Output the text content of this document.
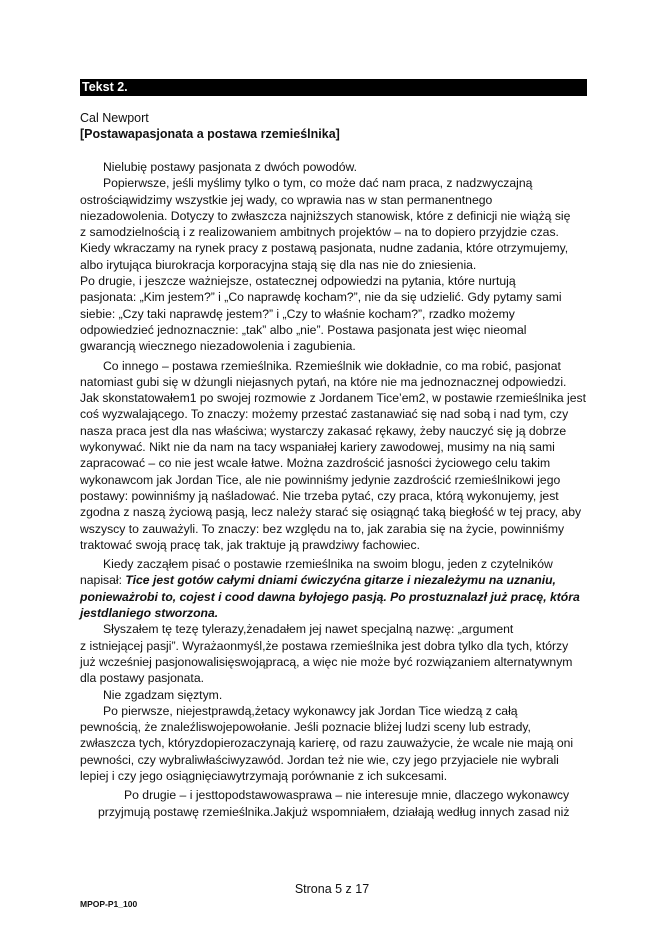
Tekst 2.
Cal Newport
[Postawapasjonata a postawa rzemieślnika]
Nielubię postawy pasjonata z dwóch powodów.
Popierwsze, jeśli myślimy tylko o tym, co może dać nam praca, z nadzwyczajną
ostrościąwidzimy wszystkie jej wady, co wprawia nas w stan permanentnego
niezadowolenia. Dotyczy to zwłaszcza najniższych stanowisk, które z definicji nie wiążą się
z samodzielnością i z realizowaniem ambitnych projektów – na to dopiero przyjdzie czas.
Kiedy wkraczamy na rynek pracy z postawą pasjonata, nudne zadania, które otrzymujemy,
albo irytująca biurokracja korporacyjna stają się dla nas nie do zniesienia.
Po drugie, i jeszcze ważniejsze, ostatecznej odpowiedzi na pytania, które nurtują
pasjonata: „Kim jestem?” i „Co naprawdę kocham?”, nie da się udzielić. Gdy pytamy sami
siebie: „Czy taki naprawdę jestem?” i „Czy to właśnie kocham?”, rzadko możemy
odpowiedzieć jednoznacznie: „tak” albo „nie”. Postawa pasjonata jest więc nieomal
gwarancją wiecznego niezadowolenia i zagubienia.
Co innego – postawa rzemieślnika. Rzemieślnik wie dokładnie, co ma robić, pasjonat
natomiast gubi się w dżungli niejasnych pytań, na które nie ma jednoznacznej odpowiedzi.
Jak skonstatowałem1 po swojej rozmowie z Jordanem Tice’em2, w postawie rzemieślnika jest
coś wyzwalającego. To znaczy: możemy przestać zastanawiać się nad sobą i nad tym, czy
nasza praca jest dla nas właściwa; wystarczy zakasać rękawy, żeby nauczyć się ją dobrze
wykonywać. Nikt nie da nam na tacy wspaniałej kariery zawodowej, musimy na nią sami
zapracować – co nie jest wcale łatwe. Można zazdrościć jasności życiowego celu takim
wykonawcom jak Jordan Tice, ale nie powinniśmy jedynie zazdrościć rzemieślnikowi jego
postawy: powinniśmy ją naśladować. Nie trzeba pytać, czy praca, którą wykonujemy, jest
zgodna z naszą życiową pasją, lecz należy starać się osiągnąć taką biegłość w tej pracy, aby
wszyscy to zauważyli. To znaczy: bez względu na to, jak zarabia się na życie, powinniśmy
traktować swoją pracę tak, jak traktuje ją prawdziwy fachowiec.
Kiedy zacząłem pisać o postawie rzemieślnika na swoim blogu, jeden z czytelników
napisał: Tice jest gotów całymi dniami ćwiczyćna gitarze i niezależymu na uznaniu,
ponieważrobi to, cojest i cood dawna byłojego pasją. Po prostuznalazł już pracę, która
jestdlaniego stworzona.
Słyszałem tę tezę tylerazy,żenadałem jej nawet specjalną nazwę: „argument
z istniejącej pasji”. Wyrażaonmyśl,że postawa rzemieślnika jest dobra tylko dla tych, którzy
już wcześniej pasjonowalisięswojąpracą, a więc nie może być rozwiązaniem alternatywnym
dla postawy pasjonata.
Nie zgadzam sięztym.
Po pierwsze, niejestprawdą,żetacy wykonawcy jak Jordan Tice wiedzą z całą
pewnością, że znaleźliswojepowołanie. Jeśli poznacie bliżej ludzi sceny lub estrady,
zwłaszcza tych, któryzdopierozaczynają karierę, od razu zauważycie, że wcale nie mają oni
pewności, czy wybraliwłaściwyzawód. Jordan też nie wie, czy jego przyjaciele nie wybrali
lepiej i czy jego osiągnięciawytrzymają porównanie z ich sukcesami.
Po drugie – i jesttopodstawowasprawa – nie interesuje mnie, dlaczego wykonawcy
przyjmują postawę rzemieślnika.Jakjuż wspomniałem, działają według innych zasad niż
Strona 5 z 17
MPOP-P1_100
